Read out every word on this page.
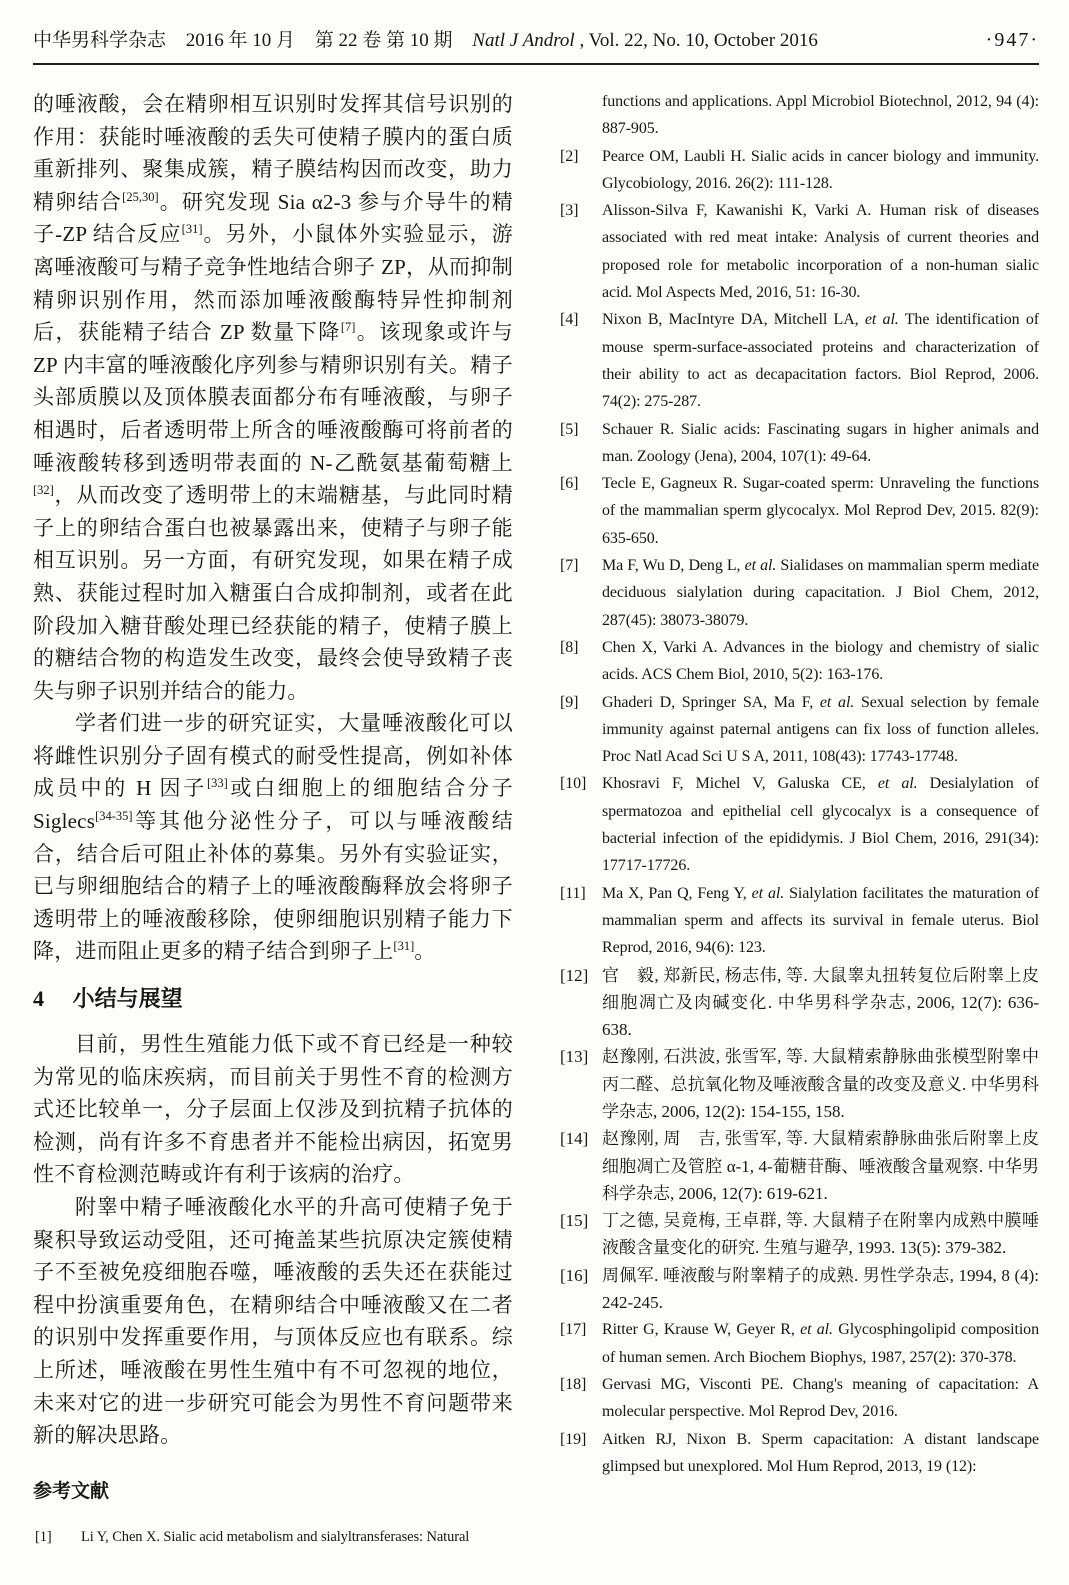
中华男科学杂志 2016 年 10 月 第 22 卷 第 10 期 Natl J Androl , Vol. 22, No. 10, October 2016	·947·

的唾液酸，会在精卵相互识别时发挥其信号识别的作用：获能时唾液酸的丢失可使精子膜内的蛋白质重新排列、聚集成簇，精子膜结构因而改变，助力精卵结合[25,30]。研究发现 Sia α2-3 参与介导牛的精子-ZP 结合反应[31]。另外，小鼠体外实验显示，游离唾液酸可与精子竞争性地结合卵子 ZP，从而抑制精卵识别作用，然而添加唾液酸酶特异性抑制剂后，获能精子结合 ZP 数量下降[7]。该现象或许与 ZP 内丰富的唾液酸化序列参与精卵识别有关。精子头部质膜以及顶体膜表面都分布有唾液酸，与卵子相遇时，后者透明带上所含的唾液酸酶可将前者的唾液酸转移到透明带表面的 N-乙酰氨基葡萄糖上[32]，从而改变了透明带上的末端糖基，与此同时精子上的卵结合蛋白也被暴露出来，使精子与卵子能相互识别。另一方面，有研究发现，如果在精子成熟、获能过程时加入糖蛋白合成抑制剂，或者在此阶段加入糖苷酸处理已经获能的精子，使精子膜上的糖结合物的构造发生改变，最终会使导致精子丧失与卵子识别并结合的能力。

学者们进一步的研究证实，大量唾液酸化可以将雌性识别分子固有模式的耐受性提高，例如补体成员中的 H 因子[33]或白细胞上的细胞结合分子 Siglecs[34-35]等其他分泌性分子，可以与唾液酸结合，结合后可阻止补体的募集。另外有实验证实，已与卵细胞结合的精子上的唾液酸酶释放会将卵子透明带上的唾液酸移除，使卵细胞识别精子能力下降，进而阻止更多的精子结合到卵子上[31]。

4 小结与展望

目前，男性生殖能力低下或不育已经是一种较为常见的临床疾病，而目前关于男性不育的检测方式还比较单一，分子层面上仅涉及到抗精子抗体的检测，尚有许多不育患者并不能检出病因，拓宽男性不育检测范畴或许有利于该病的治疗。

附睾中精子唾液酸化水平的升高可使精子免于聚积导致运动受阻，还可掩盖某些抗原决定簇使精子不至被免疫细胞吞噬，唾液酸的丢失还在获能过程中扮演重要角色，在精卵结合中唾液酸又在二者的识别中发挥重要作用，与顶体反应也有联系。综上所述，唾液酸在男性生殖中有不可忽视的地位，未来对它的进一步研究可能会为男性不育问题带来新的解决思路。

参考文献
[1]	Li Y, Chen X. Sialic acid metabolism and sialyltransferases: Natural
functions and applications. Appl Microbiol Biotechnol, 2012, 94 (4): 887-905.
[2]	Pearce OM, Laubli H. Sialic acids in cancer biology and immunity. Glycobiology, 2016. 26(2): 111-128.
[3]	Alisson-Silva F, Kawanishi K, Varki A. Human risk of diseases associated with red meat intake: Analysis of current theories and proposed role for metabolic incorporation of a non-human sialic acid. Mol Aspects Med, 2016, 51: 16-30.
[4]	Nixon B, MacIntyre DA, Mitchell LA, et al. The identification of mouse sperm-surface-associated proteins and characterization of their ability to act as decapacitation factors. Biol Reprod, 2006. 74(2): 275-287.
[5]	Schauer R. Sialic acids: Fascinating sugars in higher animals and man. Zoology (Jena), 2004, 107(1): 49-64.
[6]	Tecle E, Gagneux R. Sugar-coated sperm: Unraveling the functions of the mammalian sperm glycocalyx. Mol Reprod Dev, 2015. 82(9): 635-650.
[7]	Ma F, Wu D, Deng L, et al. Sialidases on mammalian sperm mediate deciduous sialylation during capacitation. J Biol Chem, 2012, 287(45): 38073-38079.
[8]	Chen X, Varki A. Advances in the biology and chemistry of sialic acids. ACS Chem Biol, 2010, 5(2): 163-176.
[9]	Ghaderi D, Springer SA, Ma F, et al. Sexual selection by female immunity against paternal antigens can fix loss of function alleles. Proc Natl Acad Sci U S A, 2011, 108(43): 17743-17748.
[10] Khosravi F, Michel V, Galuska CE, et al. Desialylation of spermatozoa and epithelial cell glycocalyx is a consequence of bacterial infection of the epididymis. J Biol Chem, 2016, 291(34): 17717-17726.
[11]	Ma X, Pan Q, Feng Y, et al. Sialylation facilitates the maturation of mammalian sperm and affects its survival in female uterus. Biol Reprod, 2016, 94(6): 123.
[12] 官　毅, 郑新民, 杨志伟, 等. 大鼠睾丸扭转复位后附睾上皮细胞凋亡及肉碱变化. 中华男科学杂志, 2006, 12(7): 636-638.
[13] 赵豫刚, 石洪波, 张雪军, 等. 大鼠精索静脉曲张模型附睾中丙二醛、总抗氧化物及唾液酸含量的改变及意义. 中华男科学杂志, 2006, 12(2): 154-155, 158.
[14] 赵豫刚, 周　吉, 张雪军, 等. 大鼠精索静脉曲张后附睾上皮细胞凋亡及管腔 α-1, 4-葡糖苷酶、唾液酸含量观察. 中华男科学杂志, 2006, 12(7): 619-621.
[15] 丁之德, 吴竟梅, 王卓群, 等. 大鼠精子在附睾内成熟中膜唾液酸含量变化的研究. 生殖与避孕, 1993. 13(5): 379-382.
[16] 周佩军. 唾液酸与附睾精子的成熟. 男性学杂志, 1994, 8 (4): 242-245.
[17] Ritter G, Krause W, Geyer R, et al. Glycosphingolipid composition of human semen. Arch Biochem Biophys, 1987, 257(2): 370-378.
[18] Gervasi MG, Visconti PE. Chang's meaning of capacitation: A molecular perspective. Mol Reprod Dev, 2016.
[19] Aitken RJ, Nixon B. Sperm capacitation: A distant landscape glimpsed but unexplored. Mol Hum Reprod, 2013, 19 (12):
